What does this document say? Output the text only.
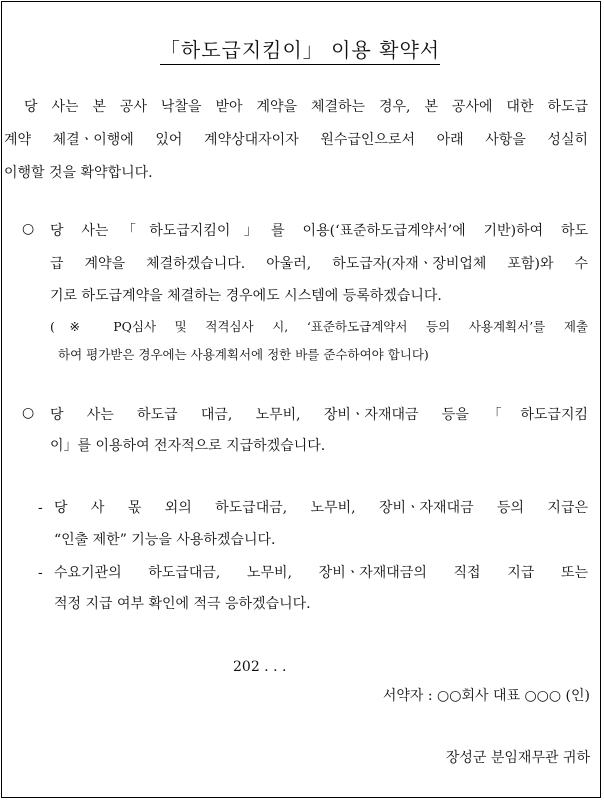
「하도급지킴이」 이용 확약서
당 사는 본 공사 낙찰을 받아 계약을 체결하는 경우, 본 공사에 대한 하도급
계약 체결ㆍ이행에 있어 계약상대자이자 원수급인으로서 아래 사항을 성실히
이행할 것을 확약합니다.
○ 당 사는「하도급지킴이」를 이용(‘표준하도급계약서’에 기반)하여 하도
급 계약을 체결하겠습니다. 아울러, 하도급자(자재ㆍ장비업체 포함)와 수
기로 하도급계약을 체결하는 경우에도 시스템에 등록하겠습니다.
(※ PQ심사 및 적격심사 시, ‘표준하도급계약서 등의 사용계획서’를 제출
하여 평가받은 경우에는 사용계획서에 정한 바를 준수하여야 합니다)
○ 당 사는 하도급 대금, 노무비, 장비ㆍ자재대금 등을「하도급지킴
이」를 이용하여 전자적으로 지급하겠습니다.
- 당 사 몫 외의 하도급대금, 노무비, 장비ㆍ자재대금 등의 지급은
“인출 제한” 기능을 사용하겠습니다.
- 수요기관의 하도급대금, 노무비, 장비ㆍ자재대금의 직접 지급 또는
적정 지급 여부 확인에 적극 응하겠습니다.
202 . . .
서약자 : ○○회사 대표 ○○○ (인)
장성군 분임재무관 귀하
